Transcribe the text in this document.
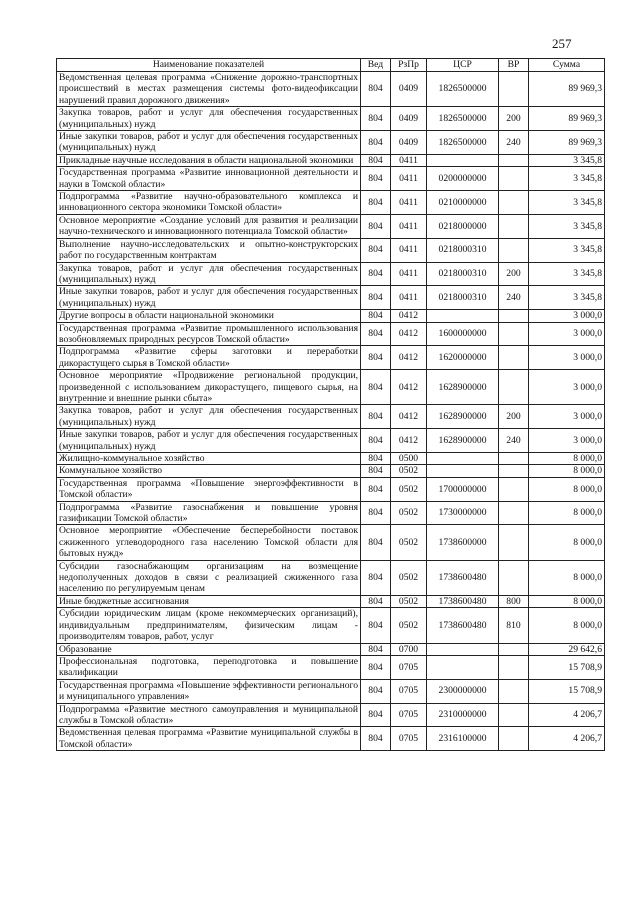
257
Наименование показателей	Вед	РзПр	ЦСР	ВР	Сумма
Ведомственная целевая программа «Снижение дорожно-транспортных происшествий в местах размещения системы фото-видеофиксации нарушений правил дорожного движения»	804	0409	1826500000		89 969,3
Закупка товаров, работ и услуг для обеспечения государственных (муниципальных) нужд	804	0409	1826500000	200	89 969,3
Иные закупки товаров, работ и услуг для обеспечения государственных (муниципальных) нужд	804	0409	1826500000	240	89 969,3
Прикладные научные исследования в области национальной экономики	804	0411			3 345,8
Государственная программа «Развитие инновационной деятельности и науки в Томской области»	804	0411	0200000000		3 345,8
Подпрограмма «Развитие научно-образовательного комплекса и инновационного сектора экономики Томской области»	804	0411	0210000000		3 345,8
Основное мероприятие «Создание условий для развития и реализации научно-технического и инновационного потенциала Томской области»	804	0411	0218000000		3 345,8
Выполнение научно-исследовательских и опытно-конструкторских работ по государственным контрактам	804	0411	0218000310		3 345,8
Закупка товаров, работ и услуг для обеспечения государственных (муниципальных) нужд	804	0411	0218000310	200	3 345,8
Иные закупки товаров, работ и услуг для обеспечения государственных (муниципальных) нужд	804	0411	0218000310	240	3 345,8
Другие вопросы в области национальной экономики	804	0412			3 000,0
Государственная программа «Развитие промышленного использования возобновляемых природных ресурсов Томской области»	804	0412	1600000000		3 000,0
Подпрограмма «Развитие сферы заготовки и переработки дикорастущего сырья в Томской области»	804	0412	1620000000		3 000,0
Основное мероприятие «Продвижение региональной продукции, произведенной с использованием дикорастущего, пищевого сырья, на внутренние и внешние рынки сбыта»	804	0412	1628900000		3 000,0
Закупка товаров, работ и услуг для обеспечения государственных (муниципальных) нужд	804	0412	1628900000	200	3 000,0
Иные закупки товаров, работ и услуг для обеспечения государственных (муниципальных) нужд	804	0412	1628900000	240	3 000,0
Жилищно-коммунальное хозяйство	804	0500			8 000,0
Коммунальное хозяйство	804	0502			8 000,0
Государственная программа «Повышение энергоэффективности в Томской области»	804	0502	1700000000		8 000,0
Подпрограмма «Развитие газоснабжения и повышение уровня газификации Томской области»	804	0502	1730000000		8 000,0
Основное мероприятие «Обеспечение бесперебойности поставок сжиженного углеводородного газа населению Томской области для бытовых нужд»	804	0502	1738600000		8 000,0
Субсидии газоснабжающим организациям на возмещение недополученных доходов в связи с реализацией сжиженного газа населению по регулируемым ценам	804	0502	1738600480		8 000,0
Иные бюджетные ассигнования	804	0502	1738600480	800	8 000,0
Субсидии юридическим лицам (кроме некоммерческих организаций), индивидуальным предпринимателям, физическим лицам - производителям товаров, работ, услуг	804	0502	1738600480	810	8 000,0
Образование	804	0700			29 642,6
Профессиональная подготовка, переподготовка и повышение квалификации	804	0705			15 708,9
Государственная программа «Повышение эффективности регионального и муниципального управления»	804	0705	2300000000		15 708,9
Подпрограмма «Развитие местного самоуправления и муниципальной службы в Томской области»	804	0705	2310000000		4 206,7
Ведомственная целевая программа «Развитие муниципальной службы в Томской области»	804	0705	2316100000		4 206,7
